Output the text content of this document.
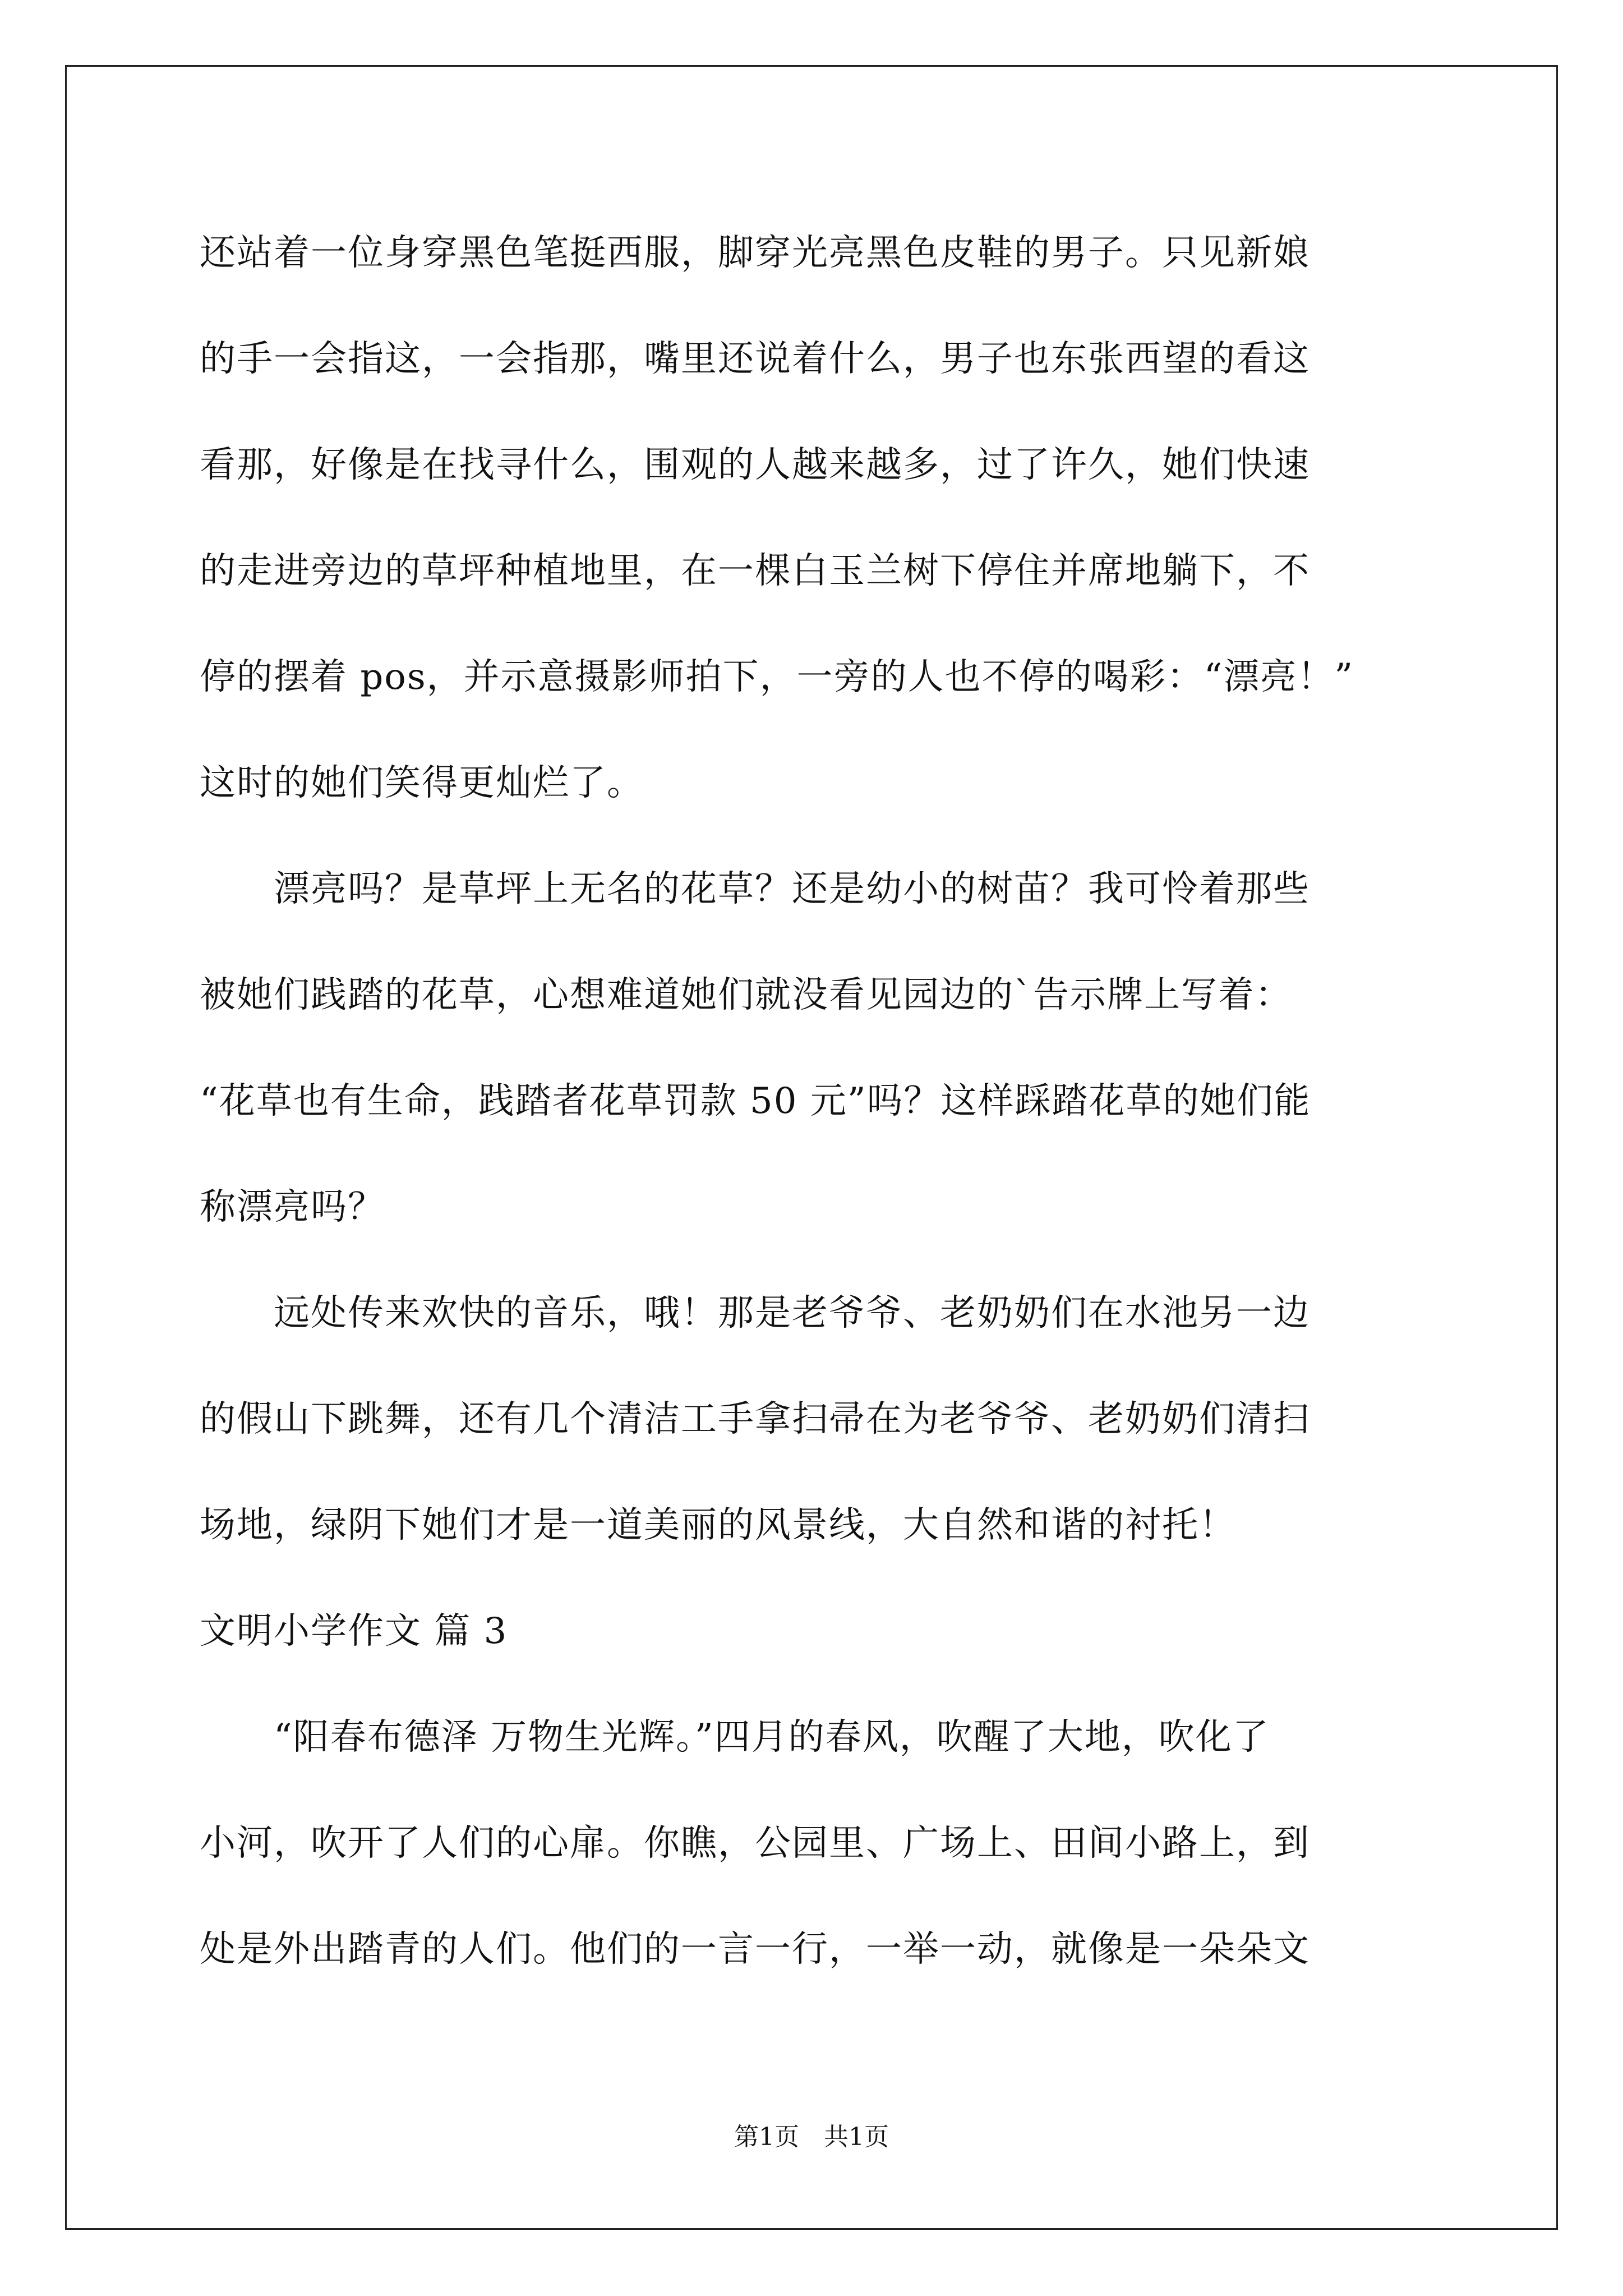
还站着一位身穿黑色笔挺西服，脚穿光亮黑色皮鞋的男子。只见新娘
的手一会指这，一会指那，嘴里还说着什么，男子也东张西望的看这
看那，好像是在找寻什么，围观的人越来越多，过了许久，她们快速
的走进旁边的草坪种植地里，在一棵白玉兰树下停住并席地躺下，不
停的摆着 pos，并示意摄影师拍下，一旁的人也不停的喝彩：“漂亮！”
这时的她们笑得更灿烂了。
　　漂亮吗？是草坪上无名的花草？还是幼小的树苗？我可怜着那些
被她们践踏的花草，心想难道她们就没看见园边的`告示牌上写着：
“花草也有生命，践踏者花草罚款 50 元”吗？这样踩踏花草的她们能
称漂亮吗？
　　远处传来欢快的音乐，哦！那是老爷爷、老奶奶们在水池另一边
的假山下跳舞，还有几个清洁工手拿扫帚在为老爷爷、老奶奶们清扫
场地，绿阴下她们才是一道美丽的风景线，大自然和谐的衬托！
文明小学作文 篇 3
　　“阳春布德泽 万物生光辉。”四月的春风，吹醒了大地，吹化了
小河，吹开了人们的心扉。你瞧，公园里、广场上、田间小路上，到
处是外出踏青的人们。他们的一言一行，一举一动，就像是一朵朵文
第1页　共1页
